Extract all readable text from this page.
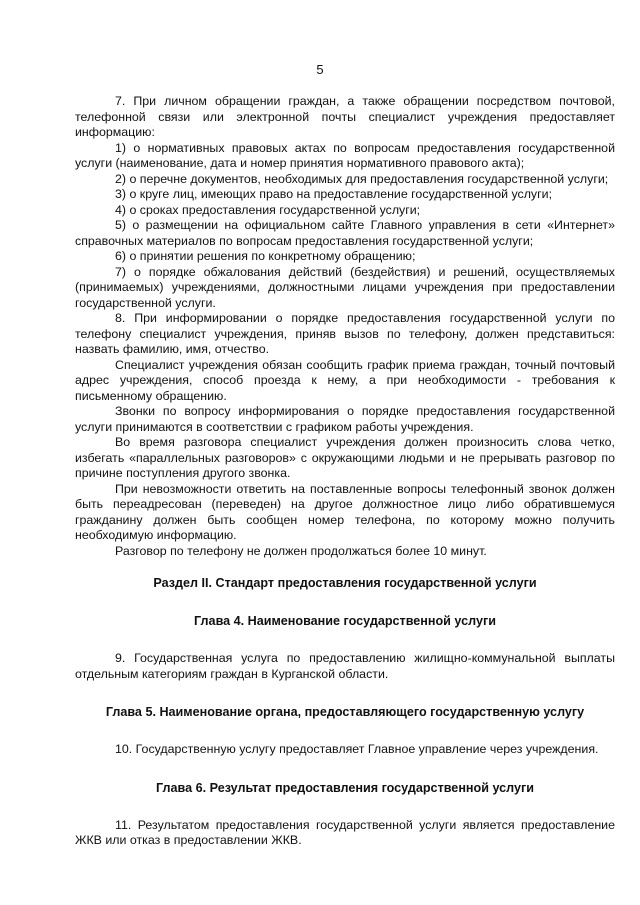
5

7. При личном обращении граждан, а также обращении посредством почтовой, телефонной связи или электронной почты специалист учреждения предоставляет информацию:

1) о нормативных правовых актах по вопросам предоставления государственной услуги (наименование, дата и номер принятия нормативного правового акта);

2) о перечне документов, необходимых для предоставления государственной услуги;

3) о круге лиц, имеющих право на предоставление государственной услуги;

4) о сроках предоставления государственной услуги;

5) о размещении на официальном сайте Главного управления в сети «Интернет» справочных материалов по вопросам предоставления государственной услуги;

6) о принятии решения по конкретному обращению;

7) о порядке обжалования действий (бездействия) и решений, осуществляемых (принимаемых) учреждениями, должностными лицами учреждения при предоставлении государственной услуги.

8. При информировании о порядке предоставления государственной услуги по телефону специалист учреждения, приняв вызов по телефону, должен представиться: назвать фамилию, имя, отчество.

Специалист учреждения обязан сообщить график приема граждан, точный почтовый адрес учреждения, способ проезда к нему, а при необходимости - требования к письменному обращению.

Звонки по вопросу информирования о порядке предоставления государственной услуги принимаются в соответствии с графиком работы учреждения.

Во время разговора специалист учреждения должен произносить слова четко, избегать «параллельных разговоров» с окружающими людьми и не прерывать разговор по причине поступления другого звонка.

При невозможности ответить на поставленные вопросы телефонный звонок должен быть переадресован (переведен) на другое должностное лицо либо обратившемуся гражданину должен быть сообщен номер телефона, по которому можно получить необходимую информацию.

Разговор по телефону не должен продолжаться более 10 минут.

Раздел II. Стандарт предоставления государственной услуги
Глава 4. Наименование государственной услуги

9. Государственная услуга по предоставлению жилищно-коммунальной выплаты отдельным категориям граждан в Курганской области.

Глава 5. Наименование органа, предоставляющего государственную услугу

10. Государственную услугу предоставляет Главное управление через учреждения.

Глава 6. Результат предоставления государственной услуги

11. Результатом предоставления государственной услуги является предоставление ЖКВ или отказ в предоставлении ЖКВ.
